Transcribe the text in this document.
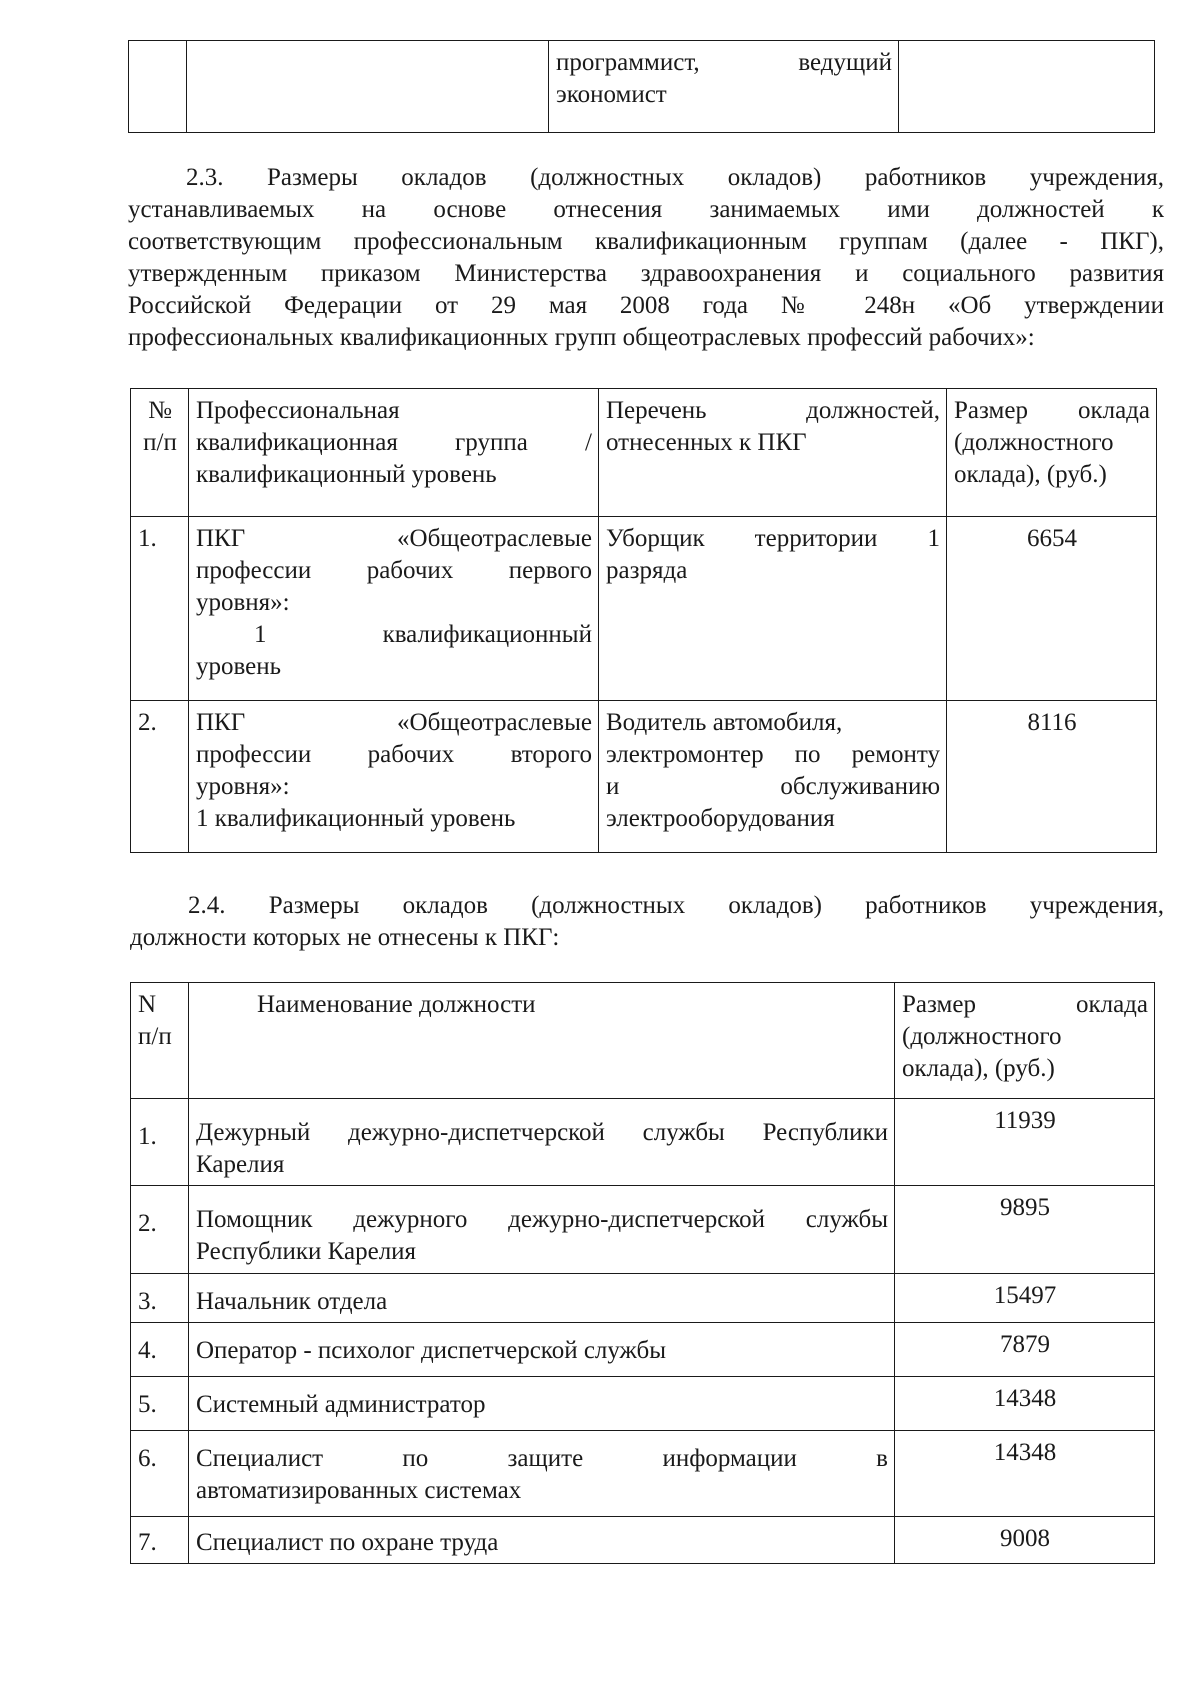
программист, ведущий
экономист

2.3. Размеры окладов (должностных окладов) работников учреждения,
устанавливаемых на основе отнесения занимаемых ими должностей к
соответствующим профессиональным квалификационным группам (далее - ПКГ),
утвержденным приказом Министерства здравоохранения и социального развития
Российской Федерации от 29 мая 2008 года № 248н «Об утверждении
профессиональных квалификационных групп общеотраслевых профессий рабочих»:
№
п/п	Профессиональная
квалификационная группа /
квалификационный уровень	Перечень должностей,
отнесенных к ПКГ	Размер оклада
(должностного
оклада), (руб.)

1.	ПКГ «Общеотраслевые
профессии рабочих первого
уровня»:
1 квалификационный
уровень	Уборщик территории 1
разряда	6654
2.	ПКГ «Общеотраслевые
профессии рабочих второго
уровня»:
1 квалификационный уровень	Водитель автомобиля,
электромонтер по ремонту
и обслуживанию
электрооборудования	8116
2.4. Размеры окладов (должностных окладов) работников учреждения,
должности которых не отнесены к ПКГ:
N
п/п	Наименование должности	Размер оклада
(должностного
оклада), (руб.)

1.	Дежурный дежурно-диспетчерской службы Республики
Карелия	11939
2.	Помощник дежурного дежурно-диспетчерской службы
Республики Карелия	9895
3.	Начальник отдела	15497
4.	Оператор - психолог диспетчерской службы	7879
5.	Системный администратор	14348
6.	Специалист по защите информации в
автоматизированных системах	14348
7.	Специалист по охране труда	9008
